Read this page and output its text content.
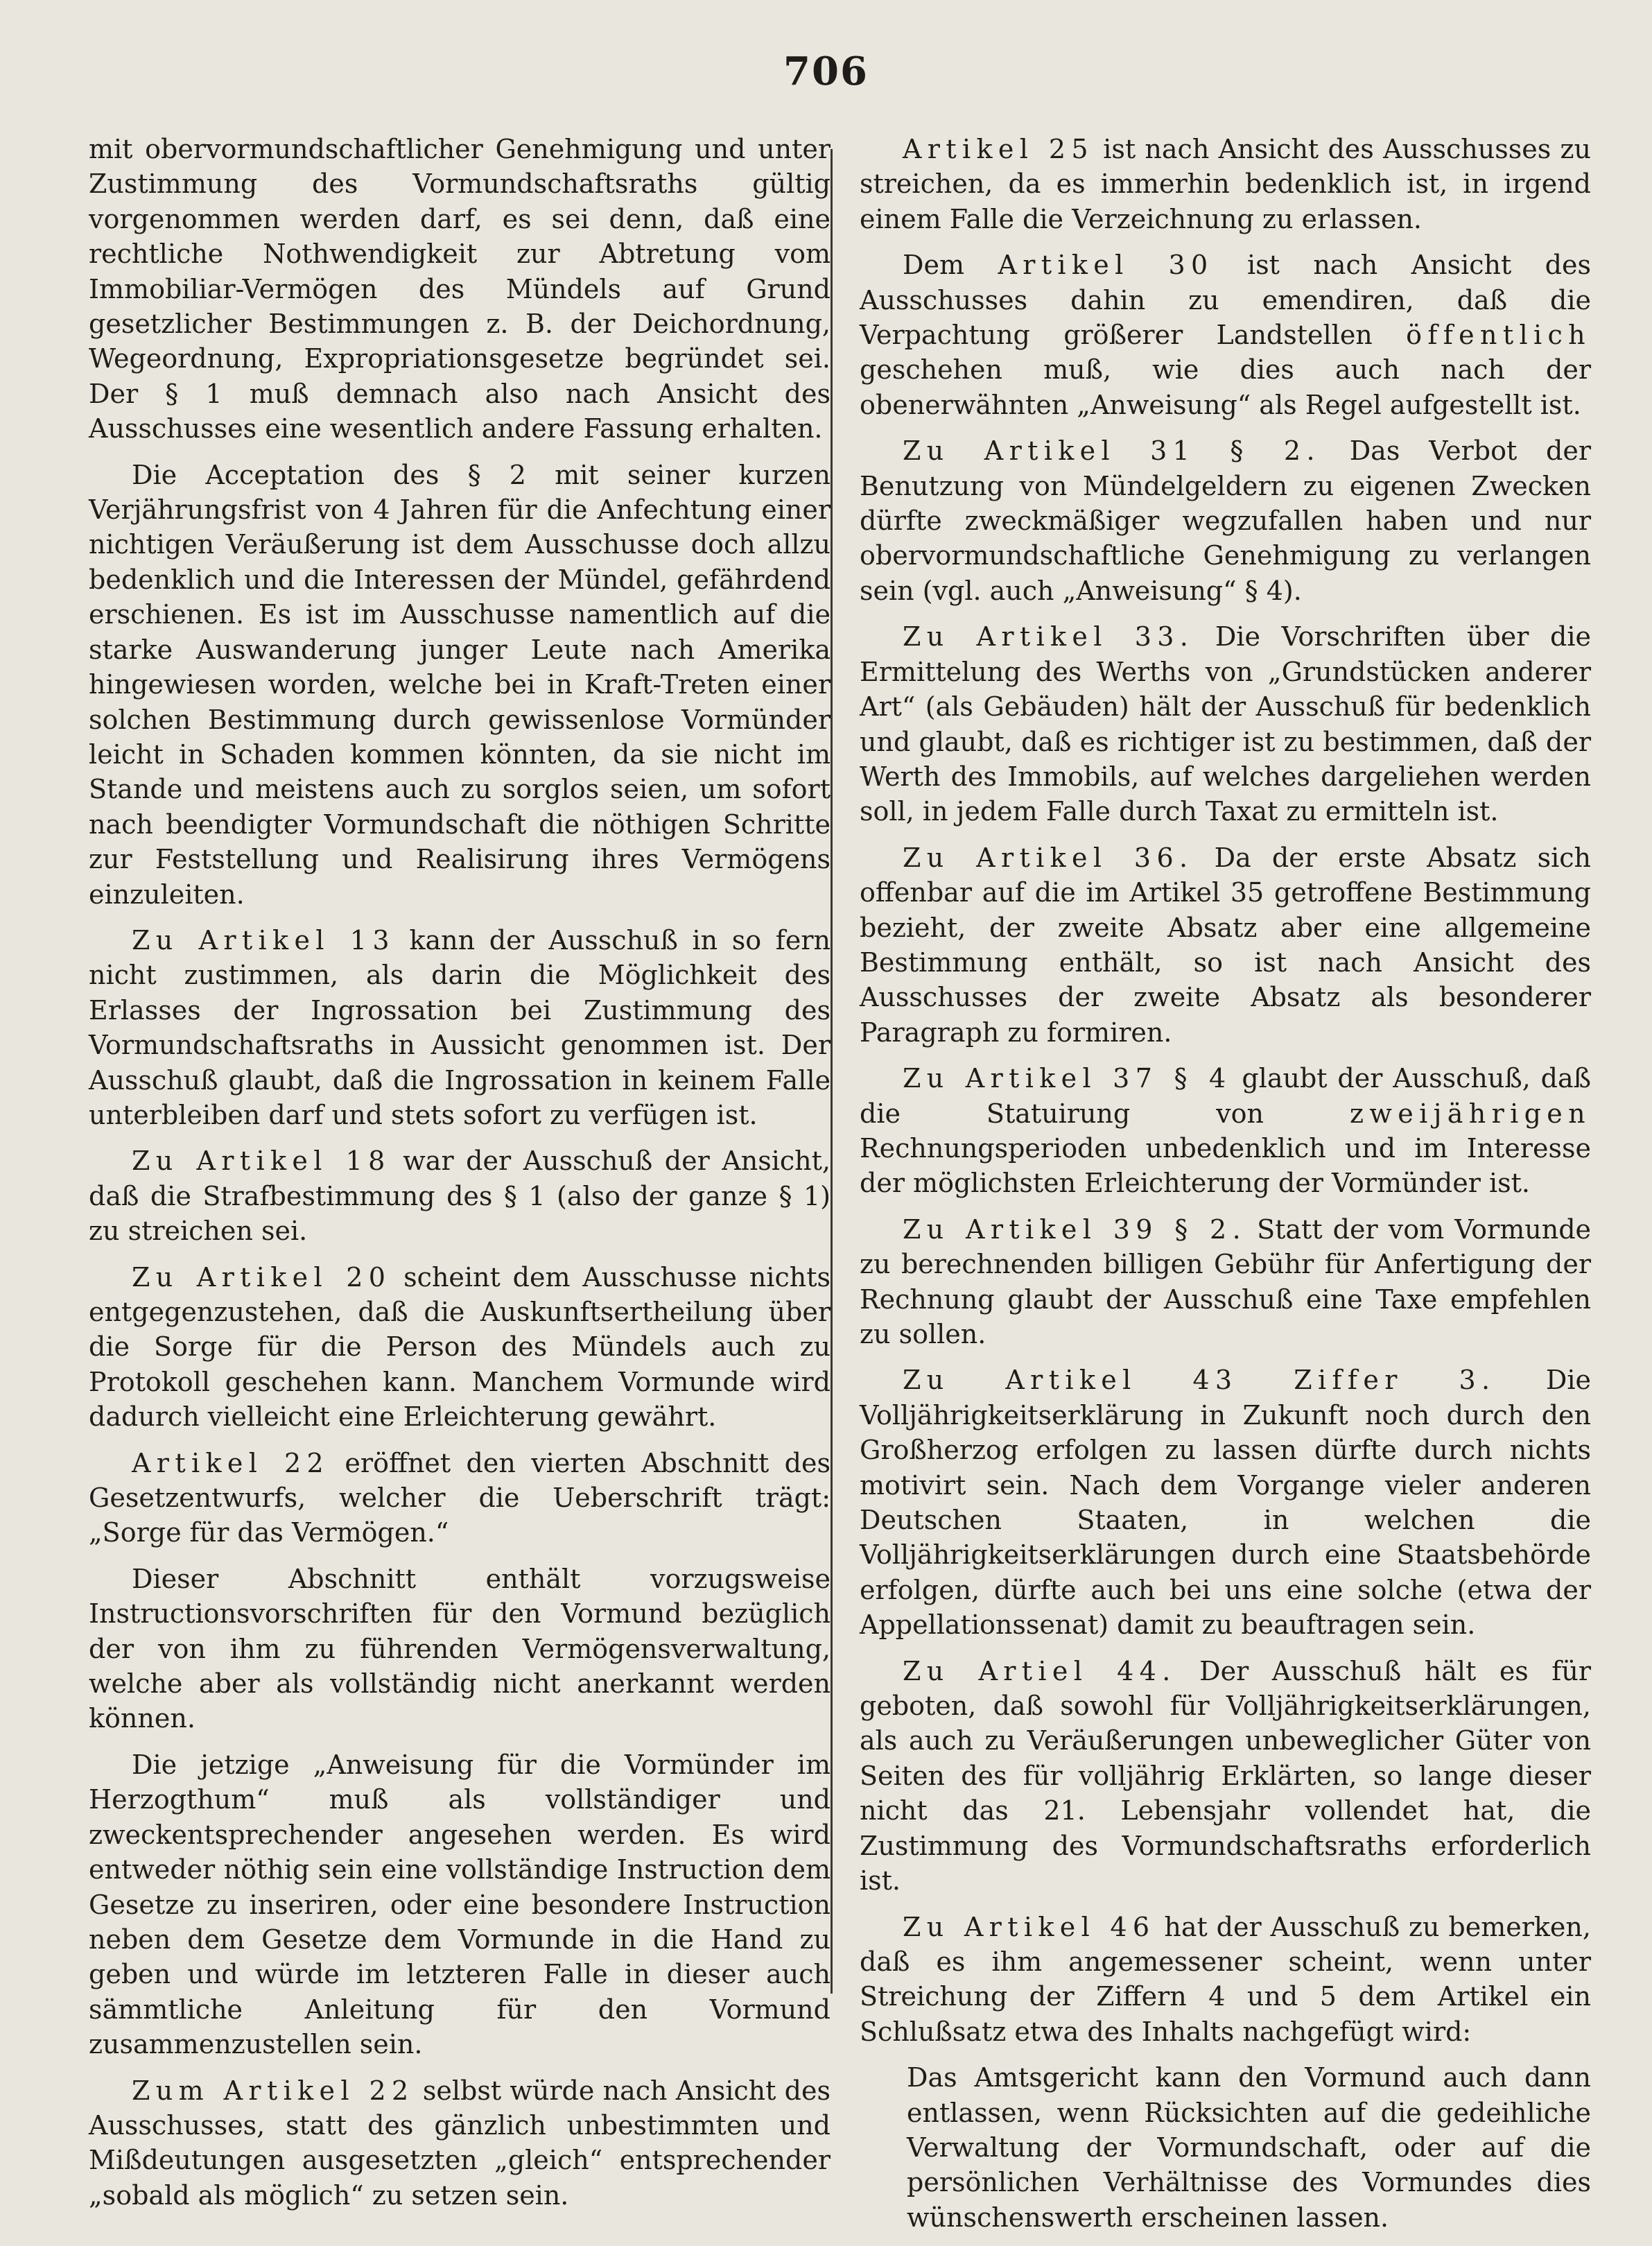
706

mit obervormundschaftlicher Genehmigung und unter Zustimmung des Vormundschaftsraths gültig vorgenommen werden darf, es sei denn, daß eine rechtliche Nothwendigkeit zur Abtretung vom Immobiliar-Vermögen des Mündels auf Grund gesetzlicher Bestimmungen z. B. der Deichordnung, Wegeordnung, Expropriationsgesetze begründet sei. Der § 1 muß demnach also nach Ansicht des Ausschusses eine wesentlich andere Fassung erhalten.

Die Acceptation des § 2 mit seiner kurzen Verjährungsfrist von 4 Jahren für die Anfechtung einer nichtigen Veräußerung ist dem Ausschusse doch allzu bedenklich und die Interessen der Mündel, gefährdend erschienen. Es ist im Ausschusse namentlich auf die starke Auswanderung junger Leute nach Amerika hingewiesen worden, welche bei in Kraft-Treten einer solchen Bestimmung durch gewissenlose Vormünder leicht in Schaden kommen könnten, da sie nicht im Stande und meistens auch zu sorglos seien, um sofort nach beendigter Vormundschaft die nöthigen Schritte zur Feststellung und Realisirung ihres Vermögens einzuleiten.

Zu Artikel 13 kann der Ausschuß in so fern nicht zustimmen, als darin die Möglichkeit des Erlasses der Ingrossation bei Zustimmung des Vormundschaftsraths in Aussicht genommen ist. Der Ausschuß glaubt, daß die Ingrossation in keinem Falle unterbleiben darf und stets sofort zu verfügen ist.

Zu Artikel 18 war der Ausschuß der Ansicht, daß die Strafbestimmung des § 1 (also der ganze § 1) zu streichen sei.

Zu Artikel 20 scheint dem Ausschusse nichts entgegenzustehen, daß die Auskunftsertheilung über die Sorge für die Person des Mündels auch zu Protokoll geschehen kann. Manchem Vormunde wird dadurch vielleicht eine Erleichterung gewährt.

Artikel 22 eröffnet den vierten Abschnitt des Gesetzentwurfs, welcher die Ueberschrift trägt: „Sorge für das Vermögen.“

Dieser Abschnitt enthält vorzugsweise Instructionsvorschriften für den Vormund bezüglich der von ihm zu führenden Vermögensverwaltung, welche aber als vollständig nicht anerkannt werden können.

Die jetzige „Anweisung für die Vormünder im Herzogthum“ muß als vollständiger und zweckentsprechender angesehen werden. Es wird entweder nöthig sein eine vollständige Instruction dem Gesetze zu inseriren, oder eine besondere Instruction neben dem Gesetze dem Vormunde in die Hand zu geben und würde im letzteren Falle in dieser auch sämmtliche Anleitung für den Vormund zusammenzustellen sein.

Zum Artikel 22 selbst würde nach Ansicht des Ausschusses, statt des gänzlich unbestimmten und Mißdeutungen ausgesetzten „gleich“ entsprechender „sobald als möglich“ zu setzen sein.

Artikel 25 ist nach Ansicht des Ausschusses zu streichen, da es immerhin bedenklich ist, in irgend einem Falle die Verzeichnung zu erlassen.

Dem Artikel 30 ist nach Ansicht des Ausschusses dahin zu emendiren, daß die Verpachtung größerer Landstellen öffentlich geschehen muß, wie dies auch nach der obenerwähnten „Anweisung“ als Regel aufgestellt ist.

Zu Artikel 31 § 2. Das Verbot der Benutzung von Mündelgeldern zu eigenen Zwecken dürfte zweckmäßiger wegzufallen haben und nur obervormundschaftliche Genehmigung zu verlangen sein (vgl. auch „Anweisung“ § 4).

Zu Artikel 33. Die Vorschriften über die Ermittelung des Werths von „Grundstücken anderer Art“ (als Gebäuden) hält der Ausschuß für bedenklich und glaubt, daß es richtiger ist zu bestimmen, daß der Werth des Immobils, auf welches dargeliehen werden soll, in jedem Falle durch Taxat zu ermitteln ist.

Zu Artikel 36. Da der erste Absatz sich offenbar auf die im Artikel 35 getroffene Bestimmung bezieht, der zweite Absatz aber eine allgemeine Bestimmung enthält, so ist nach Ansicht des Ausschusses der zweite Absatz als besonderer Paragraph zu formiren.

Zu Artikel 37 § 4 glaubt der Ausschuß, daß die Statuirung von zweijährigen Rechnungsperioden unbedenklich und im Interesse der möglichsten Erleichterung der Vormünder ist.

Zu Artikel 39 § 2. Statt der vom Vormunde zu berechnenden billigen Gebühr für Anfertigung der Rechnung glaubt der Ausschuß eine Taxe empfehlen zu sollen.

Zu Artikel 43 Ziffer 3. Die Volljährigkeitserklärung in Zukunft noch durch den Großherzog erfolgen zu lassen dürfte durch nichts motivirt sein. Nach dem Vorgange vieler anderen Deutschen Staaten, in welchen die Volljährigkeitserklärungen durch eine Staatsbehörde erfolgen, dürfte auch bei uns eine solche (etwa der Appellationssenat) damit zu beauftragen sein.

Zu Artiel 44. Der Ausschuß hält es für geboten, daß sowohl für Volljährigkeitserklärungen, als auch zu Veräußerungen unbeweglicher Güter von Seiten des für volljährig Erklärten, so lange dieser nicht das 21. Lebensjahr vollendet hat, die Zustimmung des Vormundschaftsraths erforderlich ist.

Zu Artikel 46 hat der Ausschuß zu bemerken, daß es ihm angemessener scheint, wenn unter Streichung der Ziffern 4 und 5 dem Artikel ein Schlußsatz etwa des Inhalts nachgefügt wird:

Das Amtsgericht kann den Vormund auch dann entlassen, wenn Rücksichten auf die gedeihliche Verwaltung der Vormundschaft, oder auf die persönlichen Verhältnisse des Vormundes dies wünschenswerth erscheinen lassen.
